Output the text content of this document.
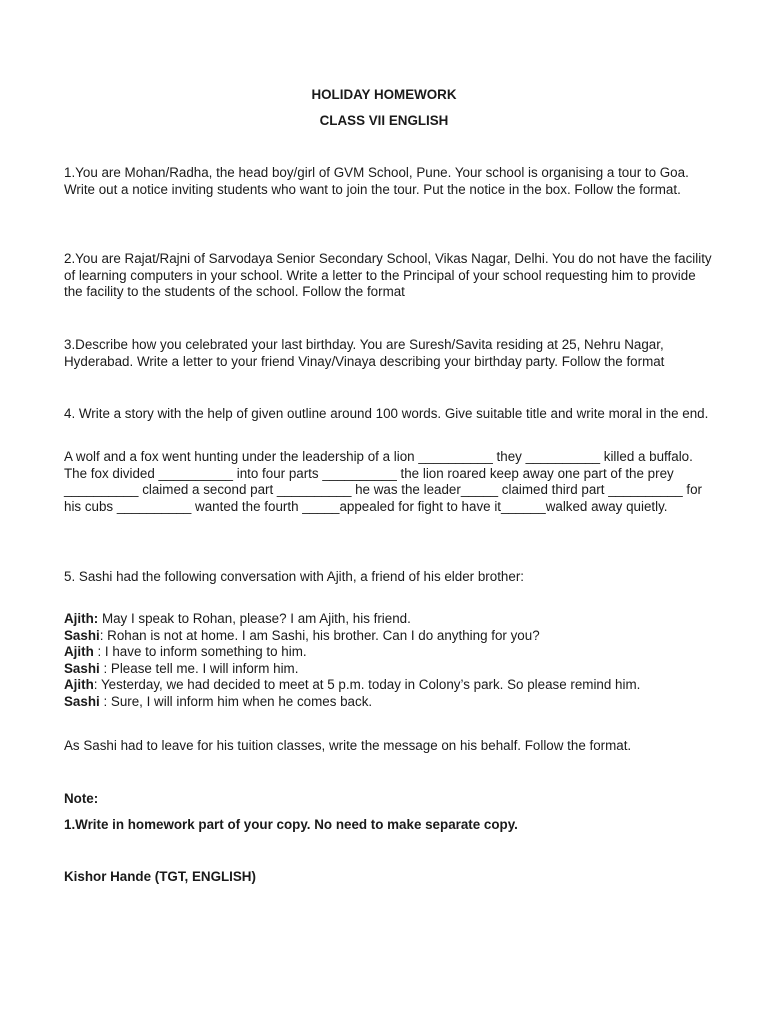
HOLIDAY HOMEWORK
CLASS VII ENGLISH

1.You are Mohan/Radha, the head boy/girl of GVM School, Pune. Your school is organising a tour to Goa. Write out a notice inviting students who want to join the tour. Put the notice in the box. Follow the format.

2.You are Rajat/Rajni of Sarvodaya Senior Secondary School, Vikas Nagar, Delhi. You do not have the facility of learning computers in your school. Write a letter to the Principal of your school requesting him to provide the facility to the students of the school. Follow the format

3.Describe how you celebrated your last birthday. You are Suresh/Savita residing at 25, Nehru Nagar, Hyderabad. Write a letter to your friend Vinay/Vinaya describing your birthday party. Follow the format

4. Write a story with the help of given outline around 100 words. Give suitable title and write moral in the end.

A wolf and a fox went hunting under the leadership of a lion __________ they __________ killed a buffalo. The fox divided __________ into four parts __________ the lion roared keep away one part of the prey __________ claimed a second part __________ he was the leader_____ claimed third part __________ for his cubs __________ wanted the fourth _____appealed for fight to have it______walked away quietly.

5. Sashi had the following conversation with Ajith, a friend of his elder brother:

Ajith: May I speak to Rohan, please? I am Ajith, his friend.
Sashi: Rohan is not at home. I am Sashi, his brother. Can I do anything for you?
Ajith : I have to inform something to him.
Sashi : Please tell me. I will inform him.
Ajith: Yesterday, we had decided to meet at 5 p.m. today in Colony’s park. So please remind him.
Sashi : Sure, I will inform him when he comes back.

As Sashi had to leave for his tuition classes, write the message on his behalf. Follow the format.

Note:
1.Write in homework part of your copy. No need to make separate copy.
Kishor Hande (TGT, ENGLISH)
